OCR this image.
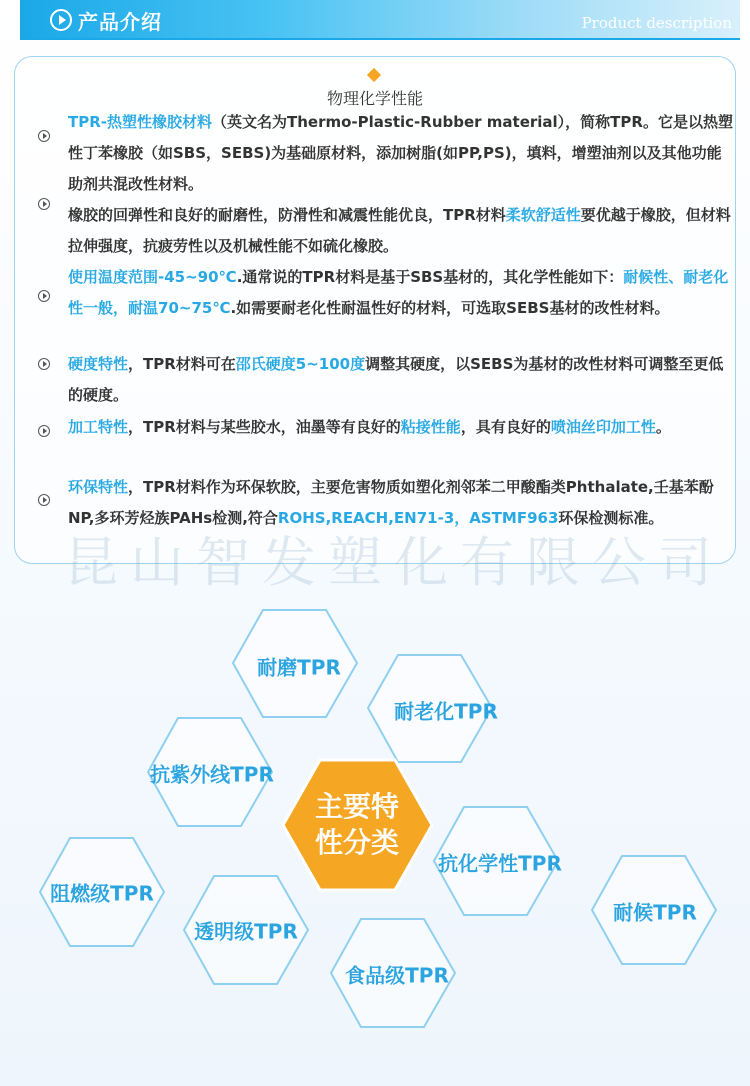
产品介绍	Product description
物理化学性能
昆山智发塑化有限公司
TPR-热塑性橡胶材料（英文名为Thermo-Plastic-Rubber material），简称TPR。它是以热塑性丁苯橡胶（如SBS，SEBS)为基础原材料，添加树脂(如PP,PS)，填料，增塑油剂以及其他功能助剂共混改性材料。
橡胶的回弹性和良好的耐磨性，防滑性和减震性能优良，TPR材料柔软舒适性要优越于橡胶，但材料拉伸强度，抗疲劳性以及机械性能不如硫化橡胶。
使用温度范围-45~90℃.通常说的TPR材料是基于SBS基材的，其化学性能如下：耐候性、耐老化性一般，耐温70~75℃.如需要耐老化性耐温性好的材料，可选取SEBS基材的改性材料。
硬度特性，TPR材料可在邵氏硬度5~100度调整其硬度，以SEBS为基材的改性材料可调整至更低的硬度。
加工特性，TPR材料与某些胶水，油墨等有良好的粘接性能，具有良好的喷油丝印加工性。
环保特性，TPR材料作为环保软胶，主要危害物质如塑化剂邻苯二甲酸酯类Phthalate,壬基苯酚NP,多环芳烃族PAHs检测,符合ROHS,REACH,EN71-3，ASTMF963环保检测标准。
耐磨TPR
耐老化TPR
抗紫外线TPR
抗化学性TPR
阻燃级TPR
透明级TPR
食品级TPR
耐候TPR
主要特性分类
